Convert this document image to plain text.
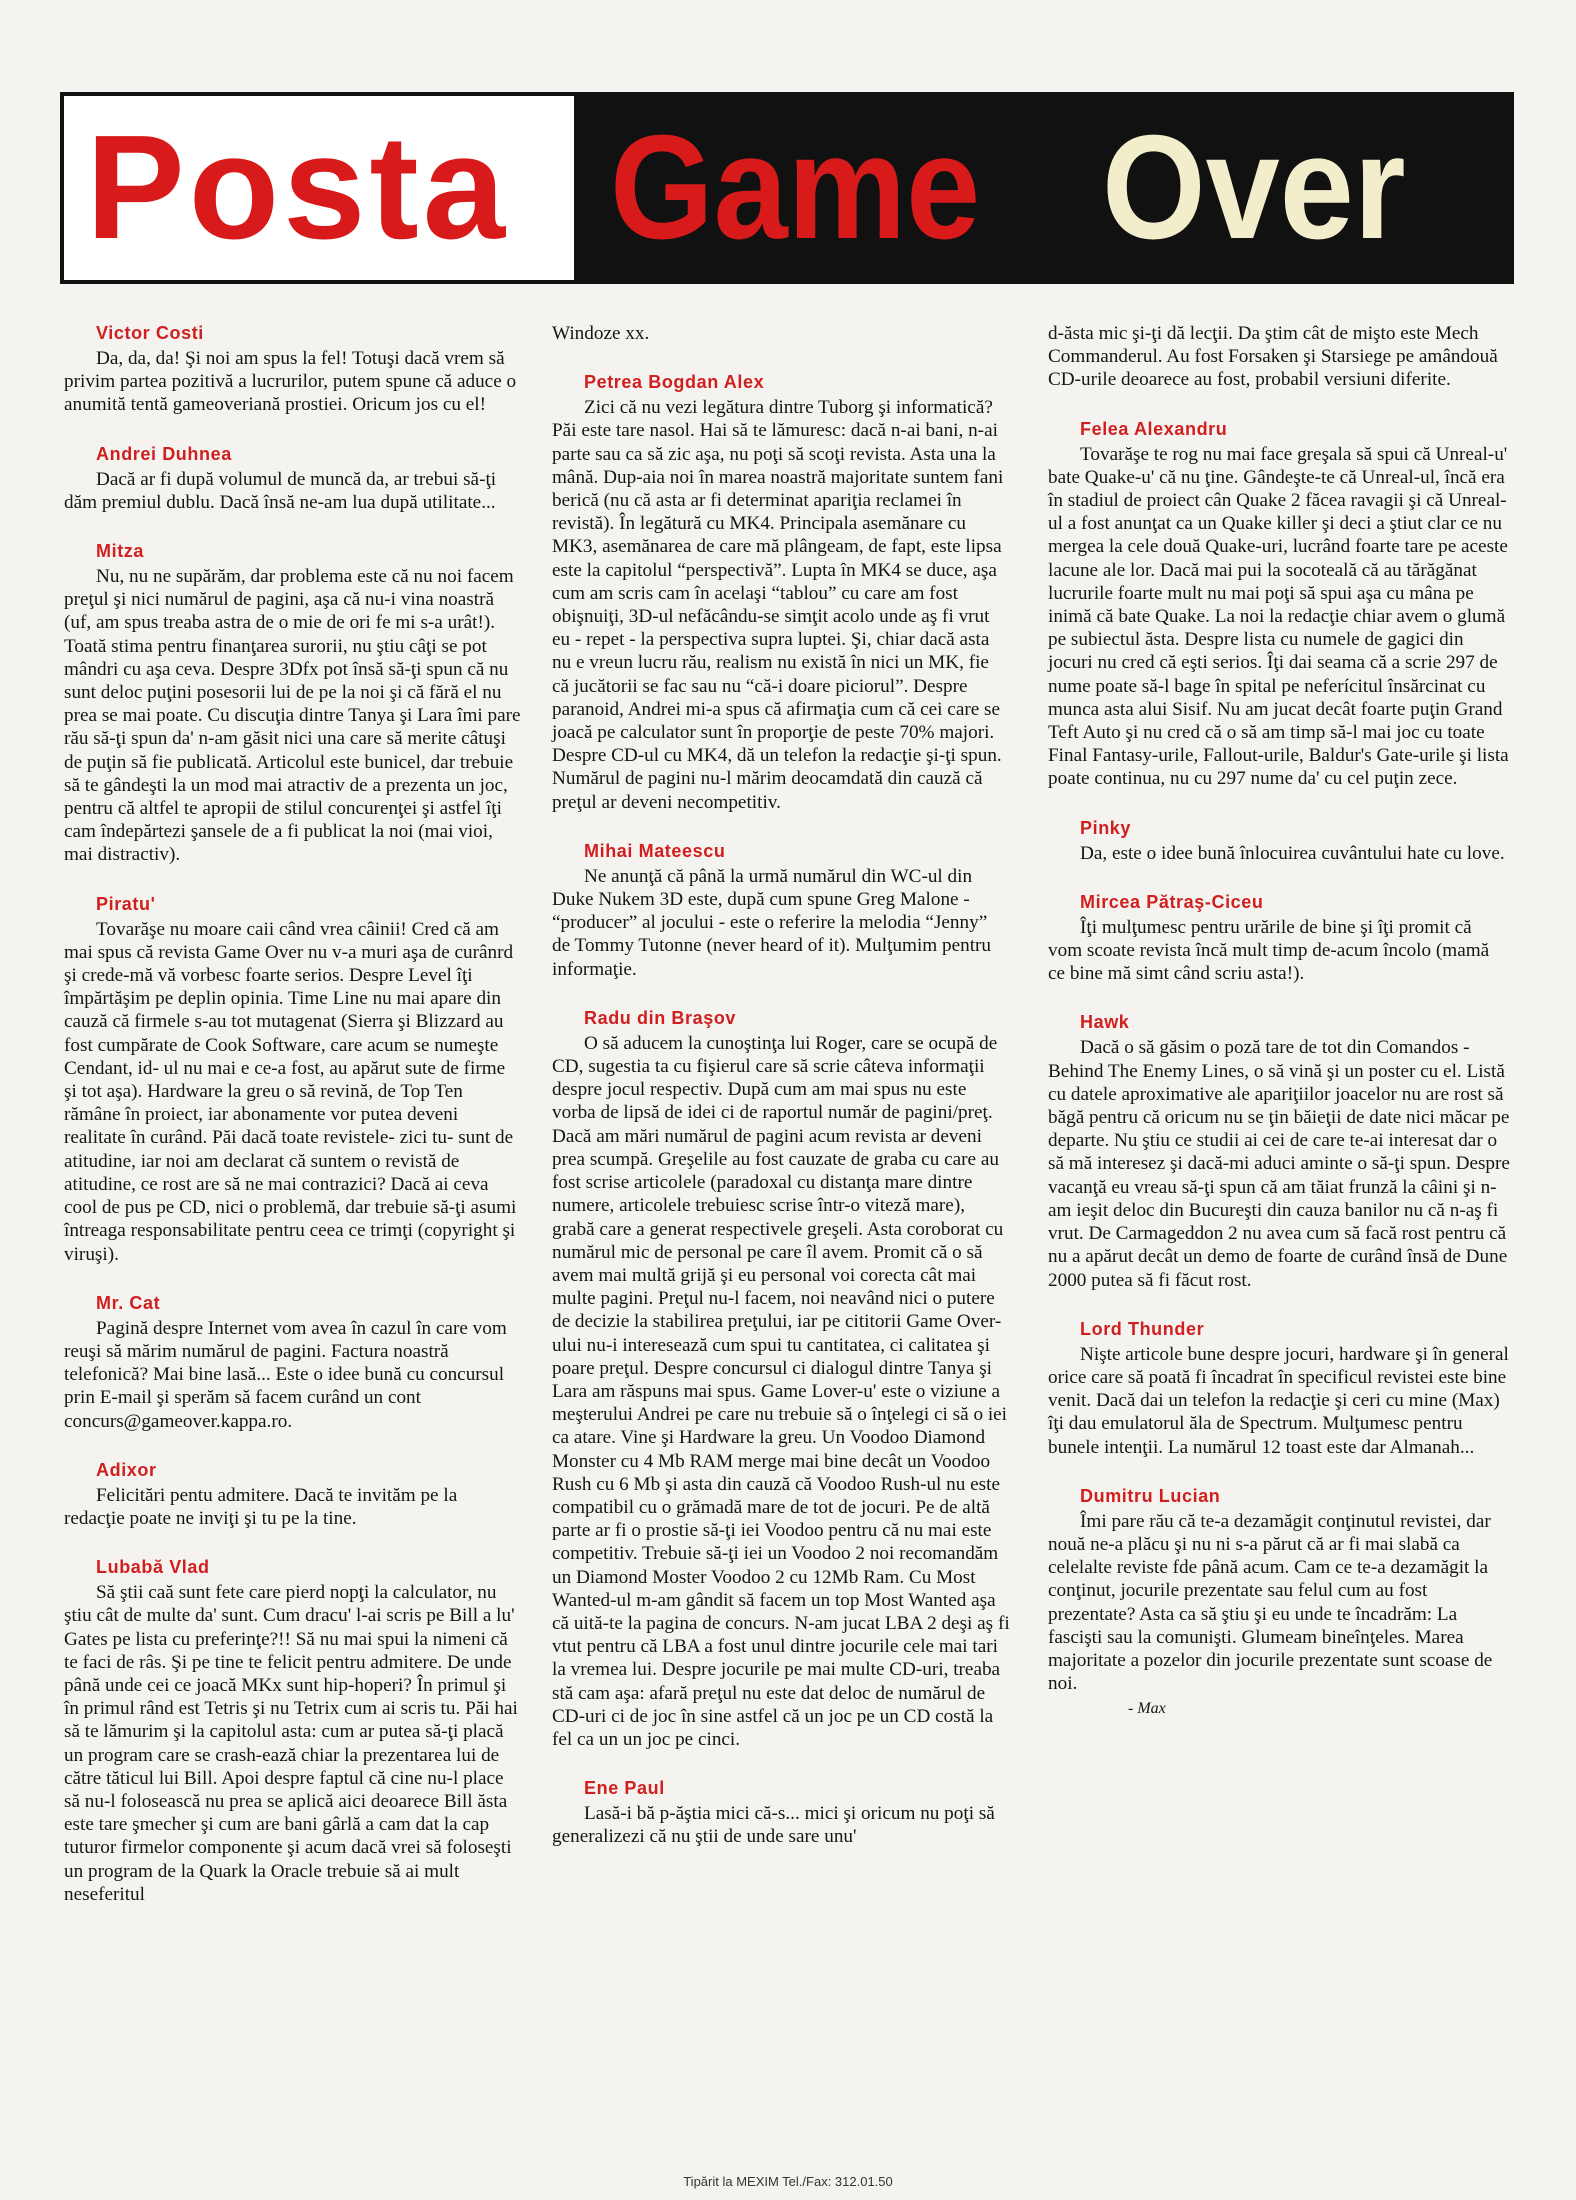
Posta Game Over
Victor Costi

Da, da, da! Şi noi am spus la fel! Totuşi dacă vrem să privim partea pozitivă a lucrurilor, putem spune că aduce o anumită tentă gameoveriană prostiei. Oricum jos cu el!

Andrei Duhnea

Dacă ar fi după volumul de muncă da, ar trebui să-ţi dăm premiul dublu. Dacă însă ne-am lua după utilitate...

Mitza

Nu, nu ne supărăm, dar problema este că nu noi facem preţul şi nici numărul de pagini, aşa că nu-i vina noastră (uf, am spus treaba astra de o mie de ori fe mi s-a urât!). Toată stima pentru finanţarea surorii, nu ştiu câţi se pot mândri cu aşa ceva. Despre 3Dfx pot însă să-ţi spun că nu sunt deloc puţini posesorii lui de pe la noi şi că fără el nu prea se mai poate. Cu discuţia dintre Tanya şi Lara îmi pare rău să-ţi spun da' n-am găsit nici una care să merite câtuşi de puţin să fie publicată. Articolul este bunicel, dar trebuie să te gândeşti la un mod mai atractiv de a prezenta un joc, pentru că altfel te apropii de stilul concurenţei şi astfel îţi cam îndepărtezi şansele de a fi publicat la noi (mai vioi, mai distractiv).

Piratu'

Tovarăşe nu moare caii când vrea câinii! Cred că am mai spus că revista Game Over nu v-a muri aşa de curânrd şi crede-mă vă vorbesc foarte serios. Despre Level îţi împărtăşim pe deplin opinia. Time Line nu mai apare din cauză că firmele s-au tot mutagenat (Sierra şi Blizzard au fost cumpărate de Cook Software, care acum se numeşte Cendant, id- ul nu mai e ce-a fost, au apărut sute de firme şi tot aşa). Hardware la greu o să revină, de Top Ten rămâne în proiect, iar abonamente vor putea deveni realitate în curând. Păi dacă toate revistele- zici tu- sunt de atitudine, iar noi am declarat că suntem o revistă de atitudine, ce rost are să ne mai contrazici? Dacă ai ceva cool de pus pe CD, nici o problemă, dar trebuie să-ţi asumi întreaga responsabilitate pentru ceea ce trimţi (copyright şi viruşi).

Mr. Cat

Pagină despre Internet vom avea în cazul în care vom reuşi să mărim numărul de pagini. Factura noastră telefonică? Mai bine lasă... Este o idee bună cu concursul prin E-mail şi sperăm să facem curând un cont concurs@gameover.kappa.ro.

Adixor

Felicitări pentu admitere. Dacă te invităm pe la redacţie poate ne inviţi şi tu pe la tine.

Lubabă Vlad

Să ştii caă sunt fete care pierd nopţi la calculator, nu ştiu cât de multe da' sunt. Cum dracu' l-ai scris pe Bill a lu' Gates pe lista cu preferinţe?!! Să nu mai spui la nimeni că te faci de râs. Şi pe tine te felicit pentru admitere. De unde până unde cei ce joacă MKx sunt hip-hoperi? În primul şi în primul rând est Tetris şi nu Tetrix cum ai scris tu. Păi hai să te lămurim şi la capitolul asta: cum ar putea să-ţi placă un program care se crash-ează chiar la prezentarea lui de către tăticul lui Bill. Apoi despre faptul că cine nu-l place să nu-l folosească nu prea se aplică aici deoarece Bill ăsta este tare şmecher şi cum are bani gârlă a cam dat la cap tuturor firmelor componente şi acum dacă vrei să foloseşti un program de la Quark la Oracle trebuie să ai mult neseferitul

Windoze xx.

Petrea Bogdan Alex

Zici că nu vezi legătura dintre Tuborg şi informatică? Păi este tare nasol. Hai să te lămuresc: dacă n-ai bani, n-ai parte sau ca să zic aşa, nu poţi să scoţi revista. Asta una la mână. Dup-aia noi în marea noastră majoritate suntem fani berică (nu că asta ar fi determinat apariţia reclamei în revistă). În legătură cu MK4. Principala asemănare cu MK3, asemănarea de care mă plângeam, de fapt, este lipsa este la capitolul “perspectivă”. Lupta în MK4 se duce, aşa cum am scris cam în acelaşi “tablou” cu care am fost obişnuiţi, 3D-ul nefăcându-se simţit acolo unde aş fi vrut eu - repet - la perspectiva supra luptei. Şi, chiar dacă asta nu e vreun lucru rău, realism nu există în nici un MK, fie că jucătorii se fac sau nu “că-i doare piciorul”. Despre paranoid, Andrei mi-a spus că afirmaţia cum că cei care se joacă pe calculator sunt în proporţie de peste 70% majori. Despre CD-ul cu MK4, dă un telefon la redacţie şi-ţi spun. Numărul de pagini nu-l mărim deocamdată din cauză că preţul ar deveni necompetitiv.

Mihai Mateescu

Ne anunţă că până la urmă numărul din WC-ul din Duke Nukem 3D este, după cum spune Greg Malone - “producer” al jocului - este o referire la melodia “Jenny” de Tommy Tutonne (never heard of it). Mulţumim pentru informaţie.

Radu din Braşov

O să aducem la cunoştinţa lui Roger, care se ocupă de CD, sugestia ta cu fişierul care să scrie câteva informaţii despre jocul respectiv. După cum am mai spus nu este vorba de lipsă de idei ci de raportul număr de pagini/preţ. Dacă am mări numărul de pagini acum revista ar deveni prea scumpă. Greşelile au fost cauzate de graba cu care au fost scrise articolele (paradoxal cu distanţa mare dintre numere, articolele trebuiesc scrise într-o viteză mare), grabă care a generat respectivele greşeli. Asta coroborat cu numărul mic de personal pe care îl avem. Promit că o să avem mai multă grijă şi eu personal voi corecta cât mai multe pagini. Preţul nu-l facem, noi neavând nici o putere de decizie la stabilirea preţului, iar pe cititorii Game Over-ului nu-i interesează cum spui tu cantitatea, ci calitatea şi poare preţul. Despre concursul ci dialogul dintre Tanya şi Lara am răspuns mai spus. Game Lover-u' este o viziune a meşterului Andrei pe care nu trebuie să o înţelegi ci să o iei ca atare. Vine şi Hardware la greu. Un Voodoo Diamond Monster cu 4 Mb RAM merge mai bine decât un Voodoo Rush cu 6 Mb şi asta din cauză că Voodoo Rush-ul nu este compatibil cu o grămadă mare de tot de jocuri. Pe de altă parte ar fi o prostie să-ţi iei Voodoo pentru că nu mai este competitiv. Trebuie să-ţi iei un Voodoo 2 noi recomandăm un Diamond Moster Voodoo 2 cu 12Mb Ram. Cu Most Wanted-ul m-am gândit să facem un top Most Wanted aşa că uită-te la pagina de concurs. N-am jucat LBA 2 deşi aş fi vtut pentru că LBA a fost unul dintre jocurile cele mai tari la vremea lui. Despre jocurile pe mai multe CD-uri, treaba stă cam aşa: afară preţul nu este dat deloc de numărul de CD-uri ci de joc în sine astfel că un joc pe un CD costă la fel ca un un joc pe cinci.

Ene Paul

Lasă-i bă p-ăştia mici că-s... mici şi oricum nu poţi să generalizezi că nu ştii de unde sare unu'

d-ăsta mic şi-ţi dă lecţii. Da ştim cât de mişto este Mech Commanderul. Au fost Forsaken şi Starsiege pe amândouă CD-urile deoarece au fost, probabil versiuni diferite.

Felea Alexandru

Tovarăşe te rog nu mai face greşala să spui că Unreal-u' bate Quake-u' că nu ţine. Gândeşte-te că Unreal-ul, încă era în stadiul de proiect cân Quake 2 făcea ravagii şi că Unreal-ul a fost anunţat ca un Quake killer şi deci a ştiut clar ce nu mergea la cele două Quake-uri, lucrând foarte tare pe aceste lacune ale lor. Dacă mai pui la socoteală că au tărăgănat lucrurile foarte mult nu mai poţi să spui aşa cu mâna pe inimă că bate Quake. La noi la redacţie chiar avem o glumă pe subiectul ăsta. Despre lista cu numele de gagici din jocuri nu cred că eşti serios. Îţi dai seama că a scrie 297 de nume poate să-l bage în spital pe neferícitul însărcinat cu munca asta alui Sisif. Nu am jucat decât foarte puţin Grand Teft Auto şi nu cred că o să am timp să-l mai joc cu toate Final Fantasy-urile, Fallout-urile, Baldur's Gate-urile şi lista poate continua, nu cu 297 nume da' cu cel puţin zece.

Pinky

Da, este o idee bună înlocuirea cuvântului hate cu love.

Mircea Pătraş-Ciceu

Îţi mulţumesc pentru urările de bine şi îţi promit că vom scoate revista încă mult timp de-acum încolo (mamă ce bine mă simt când scriu asta!).

Hawk

Dacă o să găsim o poză tare de tot din Comandos - Behind The Enemy Lines, o să vină şi un poster cu el. Listă cu datele aproximative ale apariţiilor joacelor nu are rost să băgă pentru că oricum nu se ţin băieţii de date nici măcar pe departe. Nu ştiu ce studii ai cei de care te-ai interesat dar o să mă interesez şi dacă-mi aduci aminte o să-ţi spun. Despre vacanţă eu vreau să-ţi spun că am tăiat frunză la câini şi n-am ieşit deloc din Bucureşti din cauza banilor nu că n-aş fi vrut. De Carmageddon 2 nu avea cum să facă rost pentru că nu a apărut decât un demo de foarte de curând însă de Dune 2000 putea să fi făcut rost.

Lord Thunder

Nişte articole bune despre jocuri, hardware şi în general orice care să poată fi încadrat în specificul revistei este bine venit. Dacă dai un telefon la redacţie şi ceri cu mine (Max) îţi dau emulatorul ăla de Spectrum. Mulţumesc pentru bunele intenţii. La numărul 12 toast este dar Almanah...

Dumitru Lucian

Îmi pare rău că te-a dezamăgit conţinutul revistei, dar nouă ne-a plăcu şi nu ni s-a părut că ar fi mai slabă ca celelalte reviste fde până acum. Cam ce te-a dezamăgit la conţinut, jocurile prezentate sau felul cum au fost prezentate? Asta ca să ştiu şi eu unde te încadrăm: La fascişti sau la comunişti. Glumeam bineînţeles. Marea majoritate a pozelor din jocurile prezentate sunt scoase de noi.

- Max
Tipărit la MEXIM Tel./Fax: 312.01.50
